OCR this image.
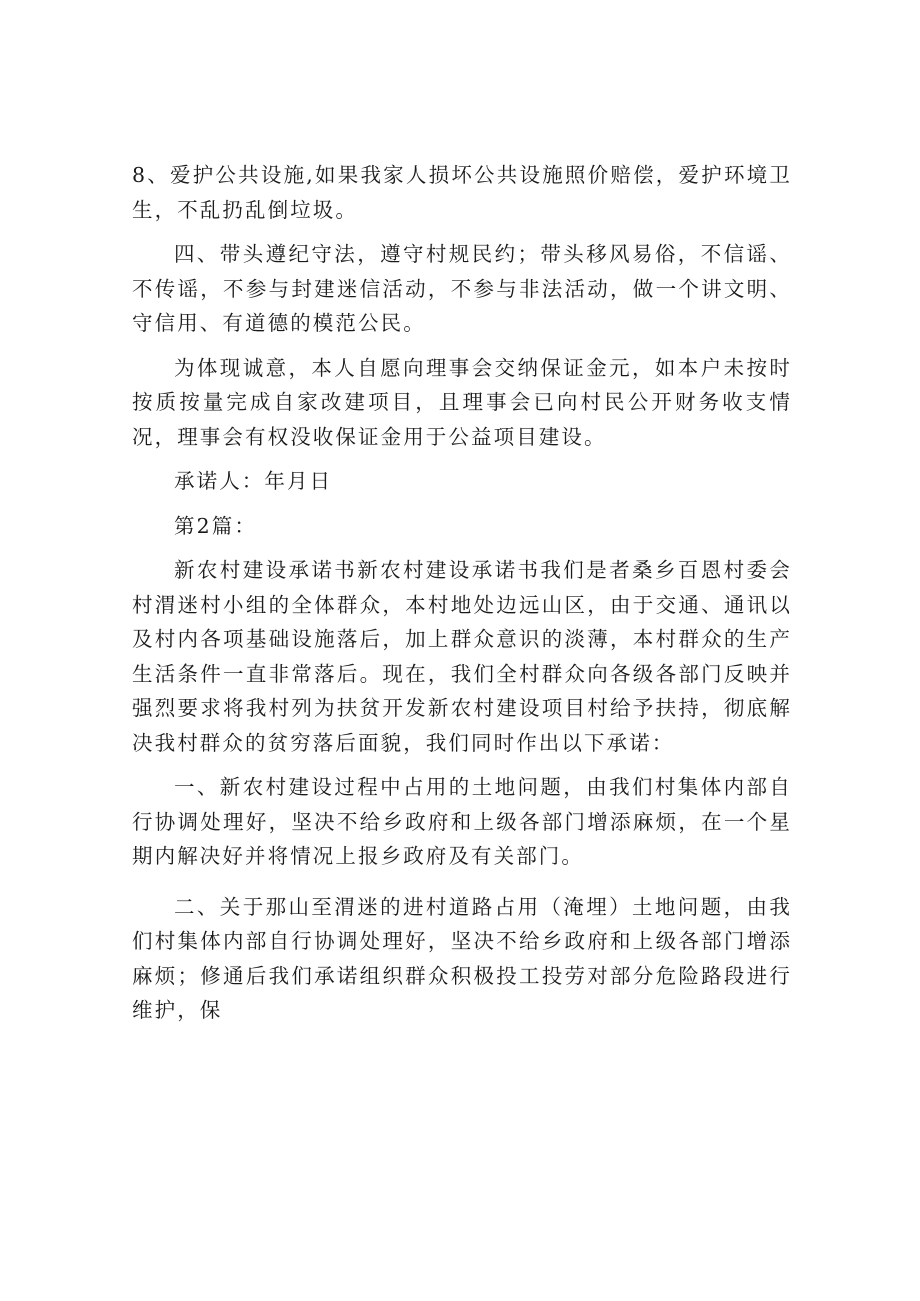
8、爱护公共设施,如果我家人损坏公共设施照价赔偿，爱护环境卫生，不乱扔乱倒垃圾。

四、带头遵纪守法，遵守村规民约；带头移风易俗，不信谣、不传谣，不参与封建迷信活动，不参与非法活动，做一个讲文明、守信用、有道德的模范公民。

为体现诚意，本人自愿向理事会交纳保证金元，如本户未按时按质按量完成自家改建项目，且理事会已向村民公开财务收支情况，理事会有权没收保证金用于公益项目建设。

承诺人：年月日

第2篇：

新农村建设承诺书新农村建设承诺书我们是者桑乡百恩村委会村渭迷村小组的全体群众，本村地处边远山区，由于交通、通讯以及村内各项基础设施落后，加上群众意识的淡薄，本村群众的生产生活条件一直非常落后。现在，我们全村群众向各级各部门反映并强烈要求将我村列为扶贫开发新农村建设项目村给予扶持，彻底解决我村群众的贫穷落后面貌，我们同时作出以下承诺：

一、新农村建设过程中占用的土地问题，由我们村集体内部自行协调处理好，坚决不给乡政府和上级各部门增添麻烦，在一个星期内解决好并将情况上报乡政府及有关部门。

二、关于那山至渭迷的进村道路占用（淹埋）土地问题，由我们村集体内部自行协调处理好，坚决不给乡政府和上级各部门增添麻烦；修通后我们承诺组织群众积极投工投劳对部分危险路段进行维护，保
